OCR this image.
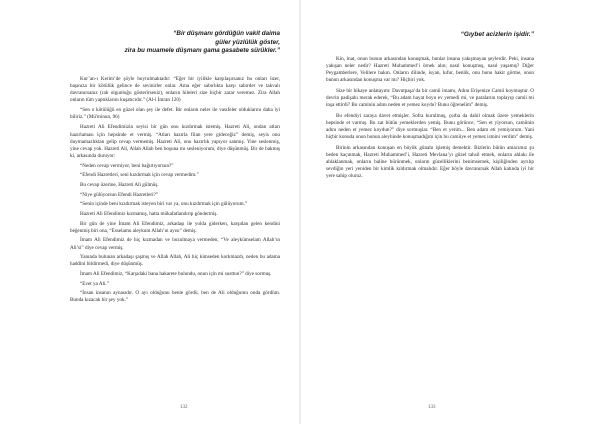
“Bir düşmanı gördüğün vakit daima
güler yüzlülük göster,
zira bu muamele düşmanı gama gasabete sürükler.”

Kur’an-ı Kerim’de şöyle buyrulmaktadır: “Eğer bir iyilikle karşılaşırsanız bu onları üzer, başınıza bir kötülük gelince de sevinirler onlar. Ama eğer sabırlıkta karşı sabırder ve takvalı davranırsanız (rab olgunluğu gösterirseniz), onların hileleri size hiçbir zarar veremez. Zira Allah onların tüm yaptıklarını kuşatıcıdır.” (Al-i İmran 120)

“Sen o kötülüğü en güzel olan şey ile defet. Bir onların neler ile vasıfeler olduklarını daha iyi biliriz.” (Mü'minun, 96)

Hazreti Ali Efendimizin seyisi bir gün onu kızdırmak istemiş. Hazreti Ali, ondan atları hazırlaması için hepsinde et vermiş. “Atları hazırla filan yere gideceğiz” demiş, seyis onu duymamazlıktan gelip cevap vermemiş. Hazreti Ali, onu hazırlık yapıyor sanmış. Yine seslenmiş, yine cevap yok. Hazreti Ali, Allah Allah ben boşuna mı sesleniyorum, diye düşünmüş. Bir de bakmış ki, arkasında duruyor:

“Neden cevap vermiyor, beni bağırtıyorsun?”

“Efendi Hazretleri, seni kızdırmak için cevap vermedim.”

Bu cevap üzerine, Hazreti Ali gülmüş.

“Niye gülüyorsun Efendi Hazretleri?”

“Senin içinde beni kızdırmak isteyen biri var ya, onu kızdırmak için gülüyorum.”

Hazreti Ali Efendimiz kızmamış, hatta mükafatlandırıp göndermiş.

Bir gün de yine İmam Ali Efendimiz, arkadaşı ile yolda giderken, karşıdan gelen kendini beğenmiş biri ona, “Esselamu aleykum Allah’ın ayısı” demiş.

İmam Ali Efendimiz de hiç kızmadan ve bozulmaya vermeden, “Ve aleykümselam Allah’ın Ali’si” diye cevap vermiş.

Yanında bulunan arkadaşı şaşmış ve Allah Allah, Ali hiç kimseden korkmazdı, neden bu adama haddini bildirmedi, diye düşünmüş.

İmam Ali Efendimiz, “Karşıdaki bana hakarete bulundu, onun için mi susttun?” diye sormuş.

“Evet ya Ali.”

“İnsan insanın aynasıdır. O ayı olduğunu benle gördü, ben de Ali olduğumu onda gördüm. Bunda kızacak bir şey yok.”

132
“Gıybet acizlerin işidir.”

Kin, inat, onun bunun arkasından konuşmak, bunlar insana yakışmayan şeylerdir. Peki, insana yakışan neler nedir? Hazreti Muhammed’i örnek alın; nasıl konuşmuş, nasıl yaşamış? Diğer Peygamberlere, Velilere bakın. Onların dilinde, isyan, kıfur, benlik, onu bunu hakir görme, onun bunun arkasından konuşma var mı? Hiçbiri yok.

Size bir hikaye anlatayım: Davutpaşa’da bir camii imamı, Adını Erişenize Camii koymuştur. O devrin padişahı merak ederek, “Bu adam hayat boyu ev yemedi mi, ve paralarını toplayıp camii mi inşa ettirdi? Bu caminin adını neden et yemez koydu? Bunu öğrenelim” demiş.

Bu efendiyi saraya davet etmişler. Sofra kurulmuş, çorba da dahil olmak üzere yemeklerin hepsinde et varmış. Bu zat bütün yemeklerden yemiş. Bunu görünce, “Sen et yiyorsun, camiinin adını neden et yemez koydun?” diye sormuşlar. “Ben et yerim... Ben adam eti yemiyorum. Yani hiçbir konuda onun bunun aleyhinde konuşmadığım için bu camiiye et yemez ismini verdim” demiş.

Birinin arkasından konuşan en büyük günahı işlemiş demektir. Bizlerin bütün amacımız şu beden kaçınmak, Hazreti Muhammed’i, Hazreti Mevlana’yı güzel tahsil etmek, onların ahlakı ile ahlaklanmak, onların baline bürünmek, onların güzelliklerini benimsemek, kişiliğinden ayrılıp sevdiğin yeri yeniden bir kimlik kıldırmak olmalıdır. Eğer böyle davranırsak Allah katında iyi bir yere sahip oluruz.

133
